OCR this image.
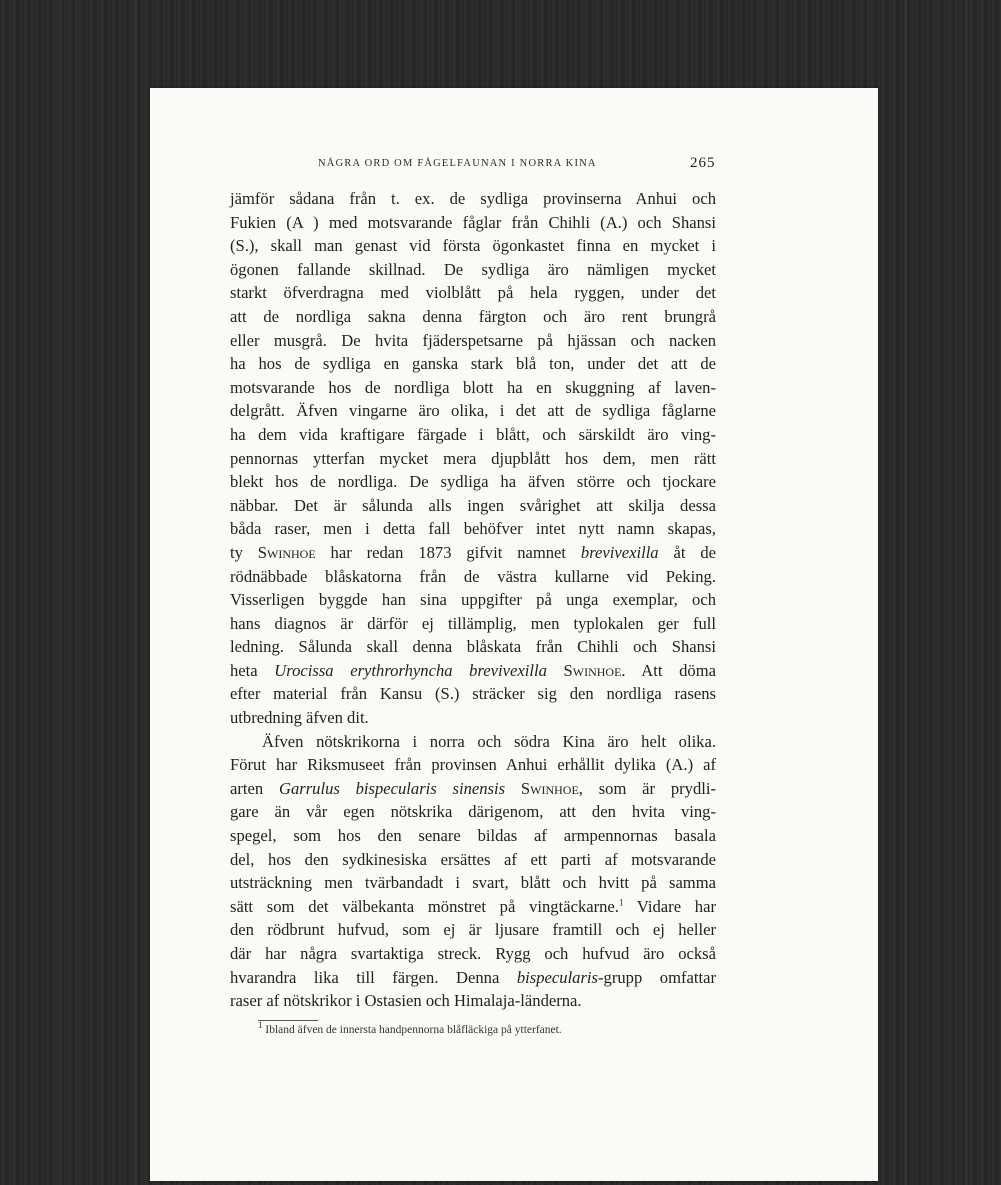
NÅGRA ORD OM FÅGELFAUNAN I NORRA KINA	265
jämför sådana från t. ex. de sydliga provinserna Anhui och
Fukien (A ) med motsvarande fåglar från Chihli (A.) och Shansi
(S.), skall man genast vid första ögonkastet finna en mycket i
ögonen fallande skillnad. De sydliga äro nämligen mycket
starkt öfverdragna med violblått på hela ryggen, under det
att de nordliga sakna denna färgton och äro rent brungrå
eller musgrå. De hvita fjäderspetsarne på hjässan och nacken
ha hos de sydliga en ganska stark blå ton, under det att de
motsvarande hos de nordliga blott ha en skuggning af laven-
delgrått. Äfven vingarne äro olika, i det att de sydliga fåglarne
ha dem vida kraftigare färgade i blått, och särskildt äro ving-
pennornas ytterfan mycket mera djupblått hos dem, men rätt
blekt hos de nordliga. De sydliga ha äfven större och tjockare
näbbar. Det är sålunda alls ingen svårighet att skilja dessa
båda raser, men i detta fall behöfver intet nytt namn skapas,
ty Swinhoe har redan 1873 gifvit namnet brevivexilla åt de
rödnäbbade blåskatorna från de västra kullarne vid Peking.
Visserligen byggde han sina uppgifter på unga exemplar, och
hans diagnos är därför ej tillämplig, men typlokalen ger full
ledning. Sålunda skall denna blåskata från Chihli och Shansi
heta Urocissa erythrorhyncha brevivexilla Swinhoe. Att döma
efter material från Kansu (S.) sträcker sig den nordliga rasens
utbredning äfven dit.
Äfven nötskrikorna i norra och södra Kina äro helt olika.
Förut har Riksmuseet från provinsen Anhui erhållit dylika (A.) af
arten Garrulus bispecularis sinensis Swinhoe, som är prydli-
gare än vår egen nötskrika därigenom, att den hvita ving-
spegel, som hos den senare bildas af armpennornas basala
del, hos den sydkinesiska ersättes af ett parti af motsvarande
utsträckning men tvärbandadt i svart, blått och hvitt på samma
sätt som det välbekanta mönstret på vingtäckarne.$^1$ Vidare har
den rödbrunt hufvud, som ej är ljusare framtill och ej heller
där har några svartaktiga streck. Rygg och hufvud äro också
hvarandra lika till färgen. Denna bispecularis-grupp omfattar
raser af nötskrikor i Ostasien och Himalaja-länderna.
$^1$ Ibland äfven de innersta handpennorna blåfläckiga på ytterfanet.
